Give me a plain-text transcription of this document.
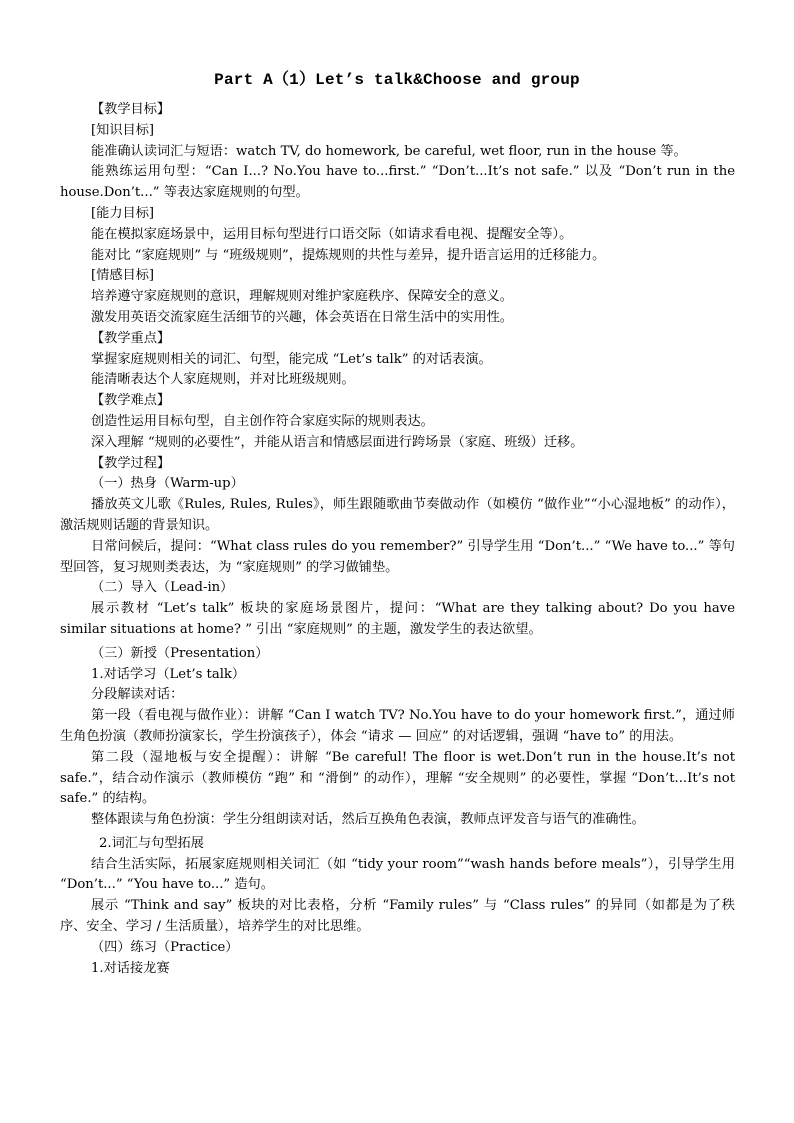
Part A（1）Let’s talk&Choose and group

【教学目标】

[知识目标]

能准确认读词汇与短语：watch TV, do homework, be careful, wet floor, run in the house 等。

能熟练运用句型：“Can I...? No.You have to...first.” “Don’t...It’s not safe.” 以及 “Don’t run in the house.Don’t...” 等表达家庭规则的句型。

[能力目标]

能在模拟家庭场景中，运用目标句型进行口语交际（如请求看电视、提醒安全等）。

能对比 “家庭规则” 与 “班级规则”，提炼规则的共性与差异，提升语言运用的迁移能力。

[情感目标]

培养遵守家庭规则的意识，理解规则对维护家庭秩序、保障安全的意义。

激发用英语交流家庭生活细节的兴趣，体会英语在日常生活中的实用性。

【教学重点】

掌握家庭规则相关的词汇、句型，能完成 “Let’s talk” 的对话表演。

能清晰表达个人家庭规则，并对比班级规则。

【教学难点】

创造性运用目标句型，自主创作符合家庭实际的规则表达。

深入理解 “规则的必要性”，并能从语言和情感层面进行跨场景（家庭、班级）迁移。

【教学过程】

（一）热身（Warm-up）

播放英文儿歌《Rules, Rules, Rules》，师生跟随歌曲节奏做动作（如模仿 “做作业”“小心湿地板” 的动作），激活规则话题的背景知识。

日常问候后，提问：“What class rules do you remember?” 引导学生用 “Don’t...” “We have to...” 等句型回答，复习规则类表达，为 “家庭规则” 的学习做铺垫。

（二）导入（Lead-in）

展示教材 “Let’s talk” 板块的家庭场景图片，提问：“What are they talking about? Do you have similar situations at home? ” 引出 “家庭规则” 的主题，激发学生的表达欲望。

（三）新授（Presentation）

1.对话学习（Let’s talk）

分段解读对话：

第一段（看电视与做作业）：讲解 “Can I watch TV? No.You have to do your homework first.”，通过师生角色扮演（教师扮演家长，学生扮演孩子），体会 “请求 — 回应” 的对话逻辑，强调 “have to” 的用法。

第二段（湿地板与安全提醒）：讲解 “Be careful! The floor is wet.Don’t run in the house.It’s not safe.”，结合动作演示（教师模仿 “跑” 和 “滑倒” 的动作），理解 “安全规则” 的必要性，掌握 “Don’t...It’s not safe.” 的结构。

整体跟读与角色扮演：学生分组朗读对话，然后互换角色表演，教师点评发音与语气的准确性。

2.词汇与句型拓展

结合生活实际，拓展家庭规则相关词汇（如 “tidy your room”“wash hands before meals”），引导学生用 “Don’t...” “You have to...” 造句。

展示 “Think and say” 板块的对比表格，分析 “Family rules” 与 “Class rules” 的异同（如都是为了秩序、安全、学习 / 生活质量），培养学生的对比思维。

（四）练习（Practice）

1.对话接龙赛
